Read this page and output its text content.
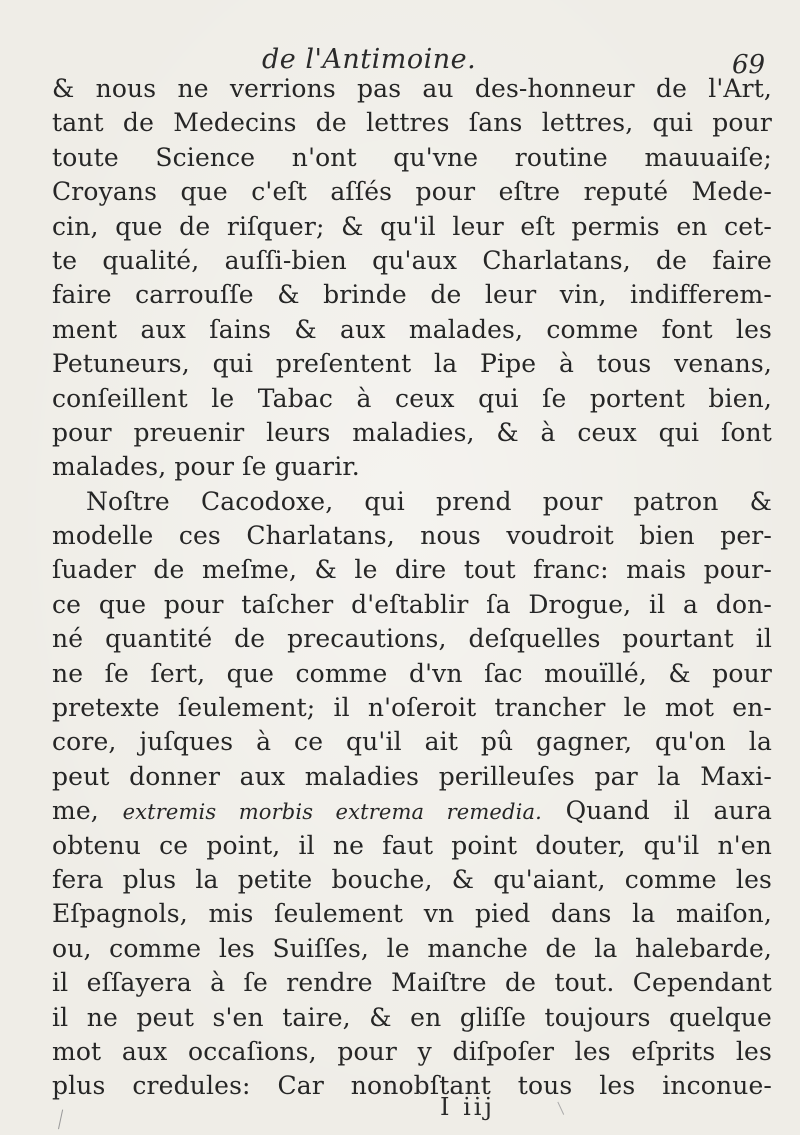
de l'Antimoine.	69
& nous ne verrions pas au des-honneur de l'Art,
tant de Medecins de lettres ſans lettres, qui pour
toute Science n'ont qu'vne routine mauuaiſe;
Croyans que c'eſt aſſés pour eſtre reputé Mede-
cin, que de riſquer; & qu'il leur eſt permis en cet-
te qualité, auſſi-bien qu'aux Charlatans, de faire
faire carrouſſe & brinde de leur vin, indifferem-
ment aux ſains & aux malades, comme font les
Petuneurs, qui preſentent la Pipe à tous venans,
conſeillent le Tabac à ceux qui ſe portent bien,
pour preuenir leurs maladies, & à ceux qui ſont
malades, pour ſe guarir.
Noſtre Cacodoxe, qui prend pour patron &
modelle ces Charlatans, nous voudroit bien per-
ſuader de meſme, & le dire tout franc: mais pour-
ce que pour taſcher d'eſtablir ſa Drogue, il a don-
né quantité de precautions, deſquelles pourtant il
ne ſe ſert, que comme d'vn ſac mouïllé, & pour
pretexte ſeulement; il n'oſeroit trancher le mot en-
core, juſques à ce qu'il ait pû gagner, qu'on la
peut donner aux maladies perilleuſes par la Maxi-
me, extremis morbis extrema remedia. Quand il aura
obtenu ce point, il ne faut point douter, qu'il n'en
fera plus la petite bouche, & qu'aiant, comme les
Eſpagnols, mis ſeulement vn pied dans la maiſon,
ou, comme les Suiſſes, le manche de la halebarde,
il eſſayera à ſe rendre Maiſtre de tout. Cependant
il ne peut s'en taire, & en gliſſe toujours quelque
mot aux occaſions, pour y diſpoſer les eſprits les
plus credules: Car nonobſtant tous les inconue-
I iij
